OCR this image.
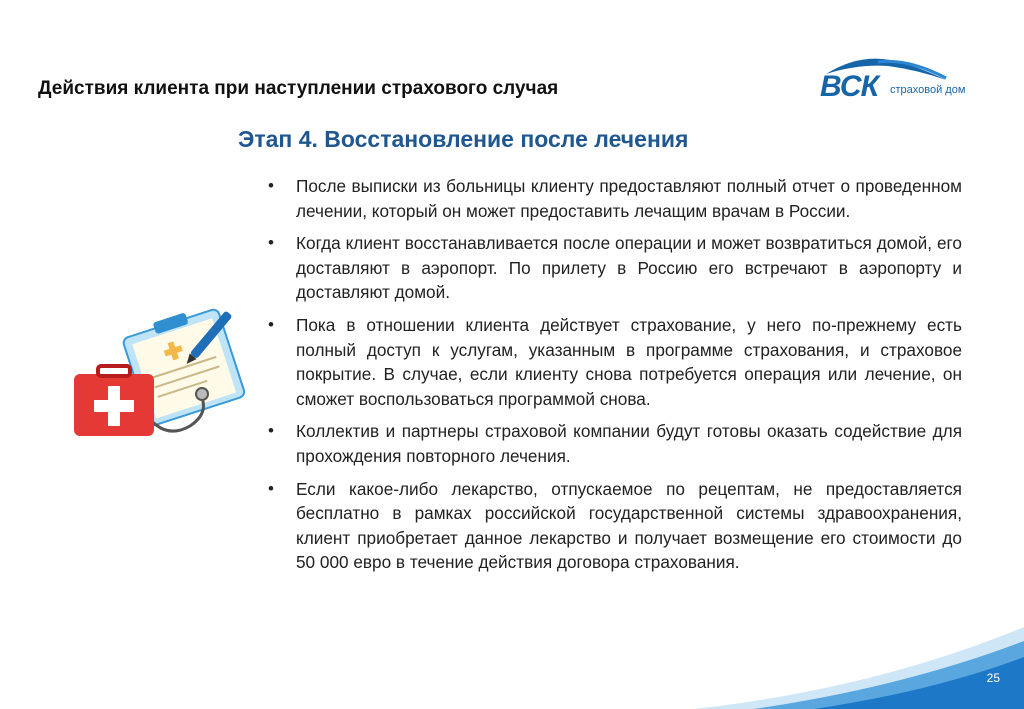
Действия клиента при наступлении страхового случая	ВСК страховой дом
Этап 4. Восстановление после лечения
•	После выписки из больницы клиенту предоставляют полный отчет о проведенном лечении, который он может предоставить лечащим врачам в России.
•	Когда клиент восстанавливается после операции и может возвратиться домой, его доставляют в аэропорт. По прилету в Россию его встречают в аэропорту и доставляют домой.
•	Пока в отношении клиента действует страхование, у него по-прежнему есть полный доступ к услугам, указанным в программе страхования, и страховое покрытие. В случае, если клиенту снова потребуется операция или лечение, он сможет воспользоваться программой снова.
•	Коллектив и партнеры страховой компании будут готовы оказать содействие для прохождения повторного лечения.
•	Если какое-либо лекарство, отпускаемое по рецептам, не предоставляется бесплатно в рамках российской государственной системы здравоохранения, клиент приобретает данное лекарство и получает возмещение его стоимости до 50 000 евро в течение действия договора страхования.
25
